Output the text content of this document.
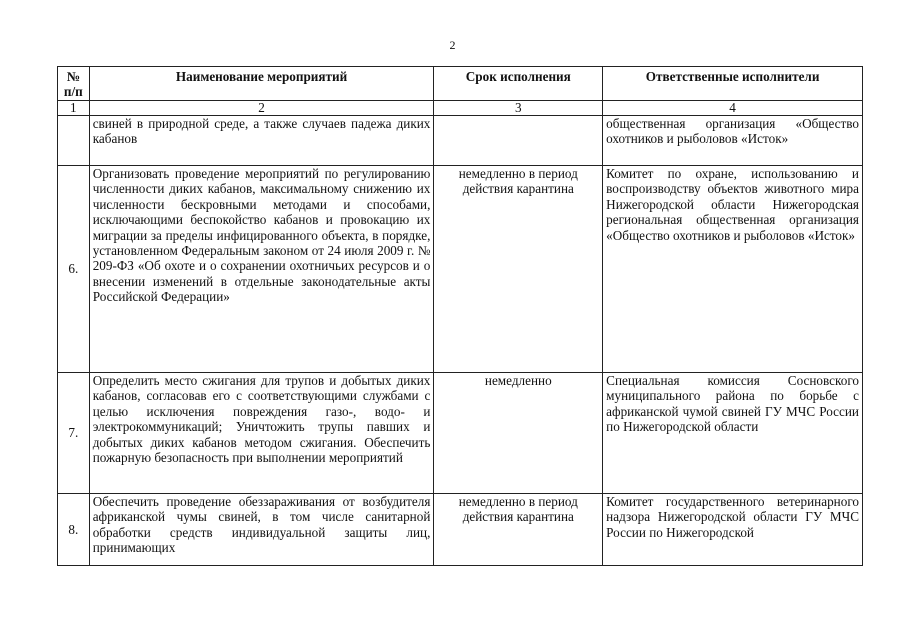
2
№ п/п	Наименование мероприятий	Срок исполнения	Ответственные исполнители
1	2	3	4
	свиней в природной среде, а также случаев падежа диких кабанов		общественная организация «Общество охотников и рыболовов «Исток»
6.	Организовать проведение мероприятий по регулированию численности диких кабанов, максимальному снижению их численности бескровными методами и способами, исключающими беспокойство кабанов и провокацию их миграции за пределы инфицированного объекта, в порядке, установленном Федеральным законом от 24 июля 2009 г. № 209-ФЗ «Об охоте и о сохранении охотничьих ресурсов и о внесении изменений в отдельные законодательные акты Российской Федерации»	немедленно в период действия карантина	Комитет по охране, использованию и воспроизводству объектов животного мира Нижегородской области Нижегородская региональная общественная организация «Общество охотников и рыболовов «Исток»
7.	Определить место сжигания для трупов и добытых диких кабанов, согласовав его с соответствующими службами с целью исключения повреждения газо-, водо- и электрокоммуникаций; Уничтожить трупы павших и добытых диких кабанов методом сжигания. Обеспечить пожарную безопасность при выполнении мероприятий	немедленно	Специальная комиссия Сосновского муниципального района по борьбе с африканской чумой свиней ГУ МЧС России по Нижегородской области
8.	Обеспечить проведение обеззараживания от возбудителя африканской чумы свиней, в том числе санитарной обработки средств индивидуальной защиты лиц, принимающих	немедленно в период действия карантина	Комитет государственного ветеринарного надзора Нижегородской области ГУ МЧС России по Нижегородской
